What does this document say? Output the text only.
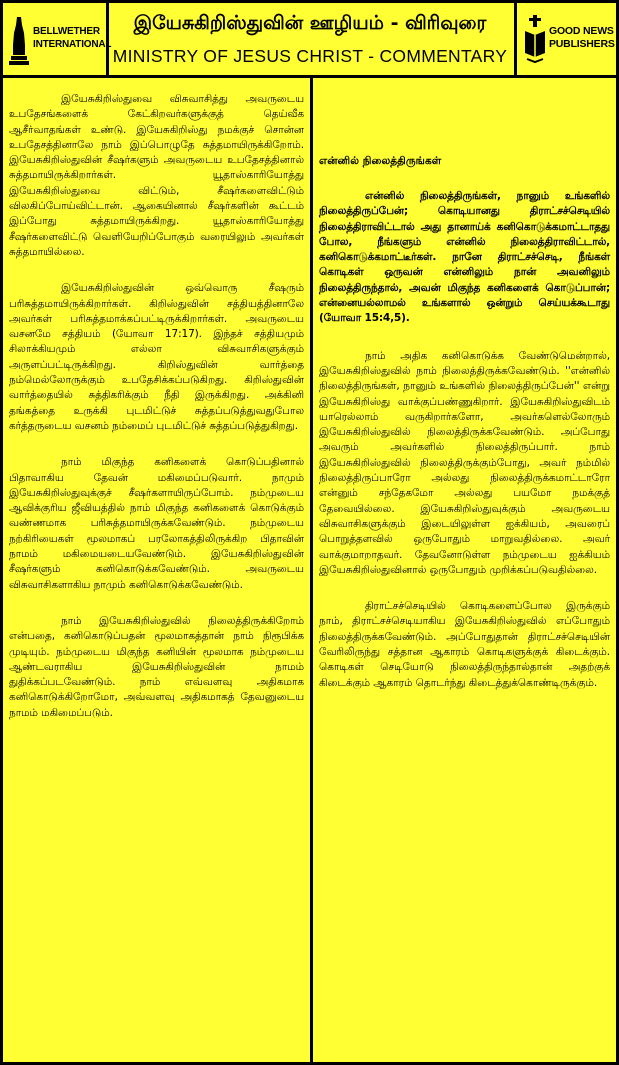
BELLWETHER INTERNATIONAL
இயேசுகிறிஸ்துவின் ஊழியம் - விரிவுரை
MINISTRY OF JESUS CHRIST - COMMENTARY
GOOD NEWS PUBLISHERS

இயேசுகிறிஸ்துவை விசுவாசித்து அவருடைய உபதேசங்களைக் கேட்கிறவர்களுக்குத் தெய்வீக ஆசீர்வாதங்கள் உண்டு. இயேசுகிறிஸ்து நமக்குச் சொன்ன உபதேசத்தினாலே நாம் இப்பொழுதே சுத்தமாயிருக்கிறோம். இயேசுகிறிஸ்துவின் சீஷர்களும் அவருடைய உபதேசத்தினால் சுத்தமாயிருக்கிறார்கள். யூதாஸ்காரியோத்து இயேசுகிறிஸ்துவை விட்டும், சீஷர்களைவிட்டும் விலகிப்போய்விட்டான். ஆகையினால் சீஷர்களின் கூட்டம் இப்போது சுத்தமாயிருக்கிறது. யூதாஸ்காரியோத்து சீஷர்களைவிட்டு வெளியேறிப்போகும் வரையிலும் அவர்கள் சுத்தமாயில்லை.

இயேசுகிறிஸ்துவின் ஒவ்வொரு சீஷரும் பரிசுத்தமாயிருக்கிறார்கள். கிறிஸ்துவின் சத்தியத்தினாலே அவர்கள் பரிசுத்தமாக்கப்பட்டிருக்கிறார்கள். அவருடைய வசனமே சத்தியம் (யோவா 17:17). இந்தச் சத்தியமும் சிலாக்கியமும் எல்லா விசுவாசிகளுக்கும் அருளப்பட்டிருக்கிறது. கிறிஸ்துவின் வார்த்தை நம்மெல்லோருக்கும் உபதேசிக்கப்படுகிறது. கிறிஸ்துவின் வார்த்தையில் சுத்திகரிக்கும் நீதி இருக்கிறது. அக்கினி தங்கத்தை உருக்கி புடமிட்டுச் சுத்தப்படுத்துவதுபோல கர்த்தருடைய வசனம் நம்மைப் புடமிட்டுச் சுத்தப்படுத்துகிறது.

நாம் மிகுந்த கனிகளைக் கொடுப்பதினால் பிதாவாகிய தேவன் மகிமைப்படுவார். நாமும் இயேசுகிறிஸ்துவுக்குச் சீஷர்களாயிருப்போம். நம்முடைய ஆவிக்குரிய ஜீவியத்தில் நாம் மிகுந்த கனிகளைக் கொடுக்கும் வண்ணமாக பரிசுத்தமாயிருக்கவேண்டும். நம்முடைய நற்கிரியைகள் மூலமாகப் பரலோகத்திலிருக்கிற பிதாவின் நாமம் மகிமையடையவேண்டும். இயேசுகிறிஸ்துவின் சீஷர்களும் கனிகொடுக்கவேண்டும். அவருடைய விசுவாசிகளாகிய நாமும் கனிகொடுக்கவேண்டும்.

நாம் இயேசுகிறிஸ்துவில் நிலைத்திருக்கிறோம் என்பதை, கனிகொடுப்பதன் மூலமாகத்தான் நாம் நிரூபிக்க முடியும். நம்முடைய மிகுந்த கனியின் மூலமாக நம்முடைய ஆண்டவராகிய இயேசுகிறிஸ்துவின் நாமம் துதிக்கப்படவேண்டும். நாம் எவ்வளவு அதிகமாக கனிகொடுக்கிறோமோ, அவ்வளவு அதிகமாகத் தேவனுடைய நாமம் மகிமைப்படும்.

என்னில் நிலைத்திருங்கள்

என்னில் நிலைத்திருங்கள், நானும் உங்களில் நிலைத்திருப்பேன்; கொடியானது திராட்சச்செடியில் நிலைத்திராவிட்டால் அது தானாய்க் கனிகொடுக்கமாட்டாதது போல, நீங்களும் என்னில் நிலைத்திராவிட்டால், கனிகொடுக்கமாட்டீர்கள். நானே திராட்சச்செடி, நீங்கள் கொடிகள் ஒருவன் என்னிலும் நான் அவனிலும் நிலைத்திருந்தால், அவன் மிகுந்த கனிகளைக் கொடுப்பான்; என்னையல்லாமல் உங்களால் ஒன்றும் செய்யக்கூடாது (யோவா 15:4,5).

நாம் அதிக கனிகொடுக்க வேண்டுமென்றால், இயேசுகிறிஸ்துவில் நாம் நிலைத்திருக்கவேண்டும். ''என்னில் நிலைத்திருங்கள், நானும் உங்களில் நிலைத்திருப்பேன்'' என்று இயேசுகிறிஸ்து வாக்குப்பண்ணுகிறார். இயேசுகிறிஸ்துவிடம் யாரெல்லாம் வருகிறார்களோ, அவர்களெல்லோரும் இயேசுகிறிஸ்துவில் நிலைத்திருக்கவேண்டும். அப்போது அவரும் அவர்களில் நிலைத்திருப்பார். நாம் இயேசுகிறிஸ்துவில் நிலைத்திருக்கும்போது, அவர் நம்மில் நிலைத்திருப்பாரோ அல்லது நிலைத்திருக்கமாட்டாரோ என்னும் சந்தேகமோ அல்லது பயமோ நமக்குத் தேவையில்லை. இயேசுகிறிஸ்துவுக்கும் அவருடைய விசுவாசிகளுக்கும் இடையிலுள்ள ஐக்கியம், அவரைப் பொறுத்தளவில் ஒருபோதும் மாறுவதில்லை. அவர் வாக்குமாறாதவர். தேவனோடுள்ள நம்முடைய ஐக்கியம் இயேசுகிறிஸ்துவினால் ஒருபோதும் முறிக்கப்படுவதில்லை.

திராட்சச்செடியில் கொடிகளைப்போல இருக்கும் நாம், திராட்சச்செடியாகிய இயேசுகிறிஸ்துவில் எப்போதும் நிலைத்திருக்கவேண்டும். அப்போதுதான் திராட்சச்செடியின் வேரிலிருந்து சத்தான ஆகாரம் கொடிகளுக்குக் கிடைக்கும். கொடிகள் செடியோடு நிலைத்திருந்தால்தான் அதற்குக் கிடைக்கும் ஆகாரம் தொடர்ந்து கிடைத்துக்கொண்டிருக்கும்.
